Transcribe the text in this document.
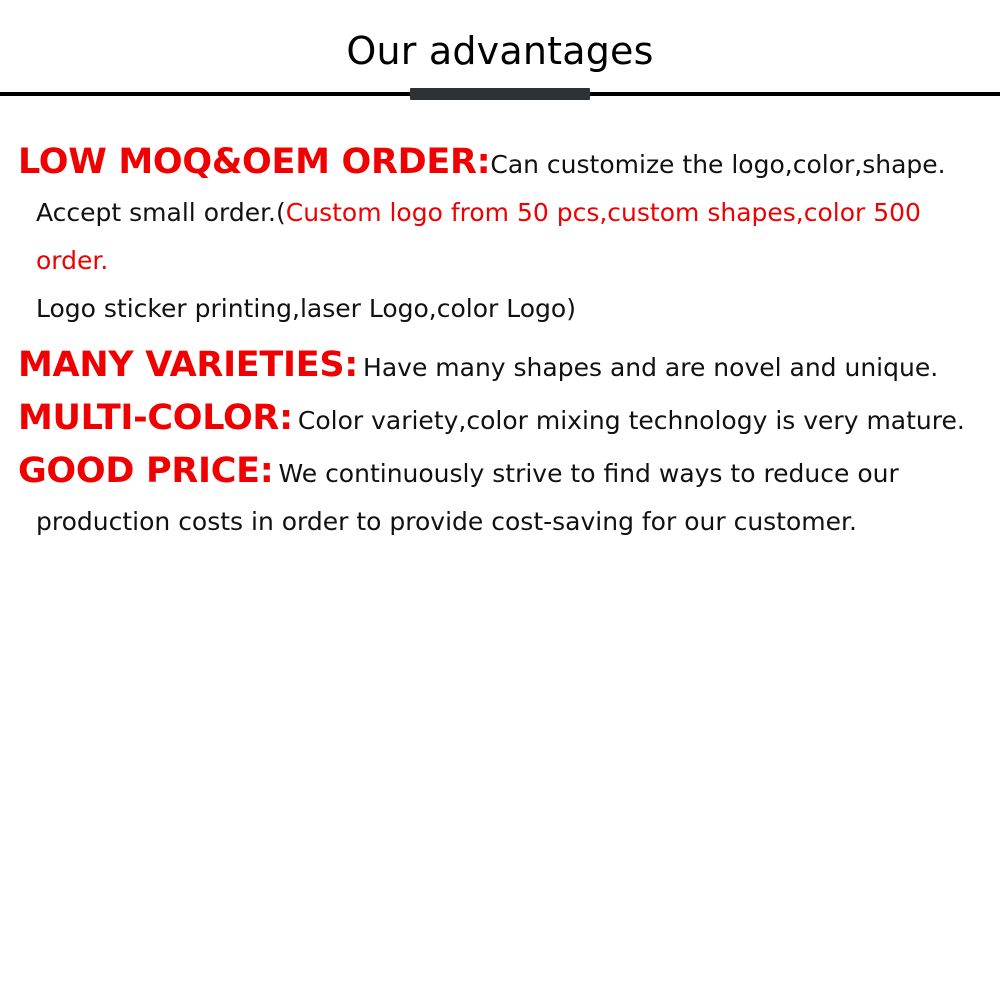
Our advantages
LOW MOQ&OEM ORDER:Can customize the logo,color,shape.
Accept small order.(Custom logo from 50 pcs,custom shapes,color 500 order.
Logo sticker printing,laser Logo,color Logo)
MANY VARIETIES: Have many shapes and are novel and unique.
MULTI-COLOR: Color variety,color mixing technology is very mature.
GOOD PRICE: We continuously strive to find ways to reduce our
production costs in order to provide cost-saving for our customer.
